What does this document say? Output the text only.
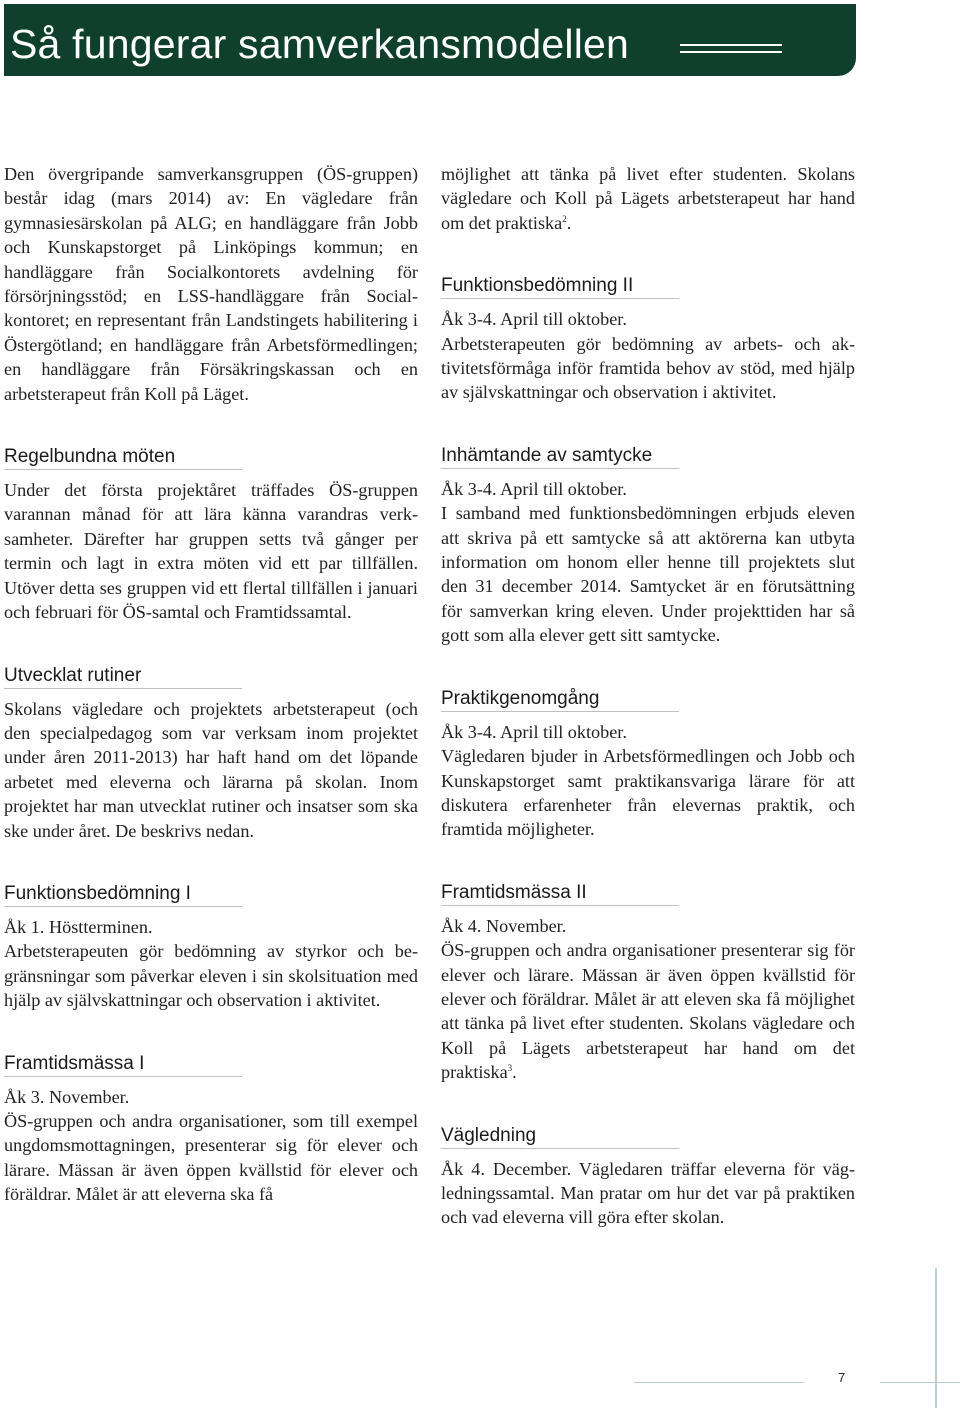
Så fungerar samverkansmodellen

Den övergripande samverkansgruppen (ÖS-gruppen) består idag (mars 2014) av: En vägledare från gymnasiesärskolan på ALG; en handläggare från Jobb och Kunskapstorget på Linköpings kommun; en handläggare från Socialkontorets avdelning för försörjningsstöd; en LSS-handläggare från Socialkontoret; en representant från Landstingets habilitering i Östergötland; en handläggare från Arbetsförmedlingen; en handläggare från Försäkringskassan och en arbetsterapeut från Koll på Läget.

Regelbundna möten

Under det första projektåret träffades ÖS-gruppen varannan månad för att lära känna varandras verksamheter. Därefter har gruppen setts två gånger per termin och lagt in extra möten vid ett par tillfällen. Utöver detta ses gruppen vid ett flertal tillfällen i januari och februari för ÖS-samtal och Framtidssamtal.

Utvecklat rutiner

Skolans vägledare och projektets arbetsterapeut (och den specialpedagog som var verksam inom projektet under åren 2011-2013) har haft hand om det löpande arbetet med eleverna och lärarna på skolan. Inom projektet har man utvecklat rutiner och insatser som ska ske under året. De beskrivs nedan.

Funktionsbedömning I

Åk 1. Höstterminen.

Arbetsterapeuten gör bedömning av styrkor och begränsningar som påverkar eleven i sin skolsituation med hjälp av självskattningar och observation i aktivitet.

Framtidsmässa I

Åk 3. November.

ÖS-gruppen och andra organisationer, som till exempel ungdomsmottagningen, presenterar sig för elever och lärare. Mässan är även öppen kvällstid för elever och föräldrar. Målet är att eleverna ska få

möjlighet att tänka på livet efter studenten. Skolans vägledare och Koll på Lägets arbetsterapeut har hand om det praktiska$^2$.

Funktionsbedömning II

Åk 3-4. April till oktober.

Arbetsterapeuten gör bedömning av arbets- och aktivitetsförmåga inför framtida behov av stöd, med hjälp av självskattningar och observation i aktivitet.

Inhämtande av samtycke

Åk 3-4. April till oktober.

I samband med funktionsbedömningen erbjuds eleven att skriva på ett samtycke så att aktörerna kan utbyta information om honom eller henne till projektets slut den 31 december 2014. Samtycket är en förutsättning för samverkan kring eleven. Under projekttiden har så gott som alla elever gett sitt samtycke.

Praktikgenomgång

Åk 3-4. April till oktober.

Vägledaren bjuder in Arbetsförmedlingen och Jobb och Kunskapstorget samt praktikansvariga lärare för att diskutera erfarenheter från elevernas praktik, och framtida möjligheter.

Framtidsmässa II

Åk 4. November.

ÖS-gruppen och andra organisationer presenterar sig för elever och lärare. Mässan är även öppen kvällstid för elever och föräldrar. Målet är att eleven ska få möjlighet att tänka på livet efter studenten. Skolans vägledare och Koll på Lägets arbetsterapeut har hand om det praktiska$^3$.

Vägledning

Åk 4. December. Vägledaren träffar eleverna för vägledningssamtal. Man pratar om hur det var på praktiken och vad eleverna vill göra efter skolan.

7
